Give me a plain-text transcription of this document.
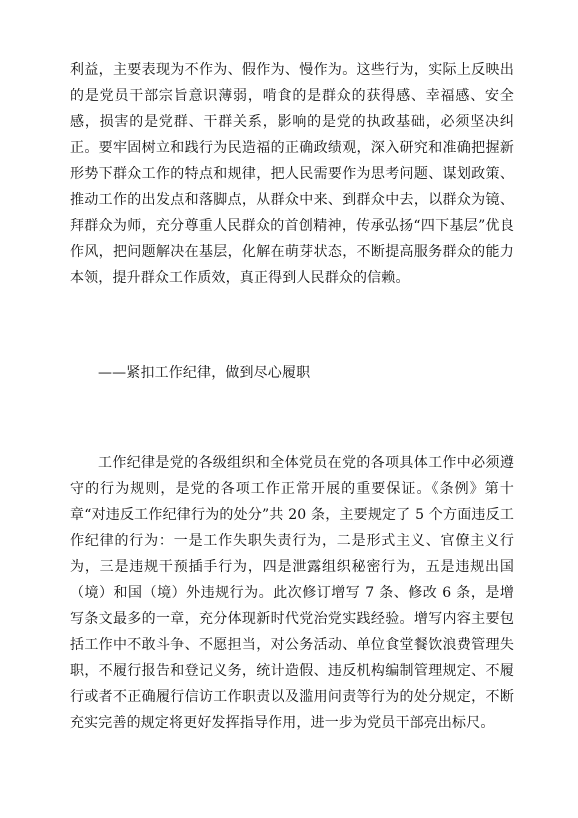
利益，主要表现为不作为、假作为、慢作为。这些行为，实际上反映出的是党员干部宗旨意识薄弱，啃食的是群众的获得感、幸福感、安全感，损害的是党群、干群关系，影响的是党的执政基础，必须坚决纠正。要牢固树立和践行为民造福的正确政绩观，深入研究和准确把握新形势下群众工作的特点和规律，把人民需要作为思考问题、谋划政策、推动工作的出发点和落脚点，从群众中来、到群众中去，以群众为镜、拜群众为师，充分尊重人民群众的首创精神，传承弘扬“四下基层”优良作风，把问题解决在基层，化解在萌芽状态，不断提高服务群众的能力本领，提升群众工作质效，真正得到人民群众的信赖。

——紧扣工作纪律，做到尽心履职

工作纪律是党的各级组织和全体党员在党的各项具体工作中必须遵守的行为规则，是党的各项工作正常开展的重要保证。《条例》第十章“对违反工作纪律行为的处分”共 20 条，主要规定了 5 个方面违反工作纪律的行为：一是工作失职失责行为，二是形式主义、官僚主义行为，三是违规干预插手行为，四是泄露组织秘密行为，五是违规出国（境）和国（境）外违规行为。此次修订增写 7 条、修改 6 条，是增写条文最多的一章，充分体现新时代党治党实践经验。增写内容主要包括工作中不敢斗争、不愿担当，对公务活动、单位食堂餐饮浪费管理失职，不履行报告和登记义务，统计造假、违反机构编制管理规定、不履行或者不正确履行信访工作职责以及滥用问责等行为的处分规定，不断充实完善的规定将更好发挥指导作用，进一步为党员干部亮出标尺。
